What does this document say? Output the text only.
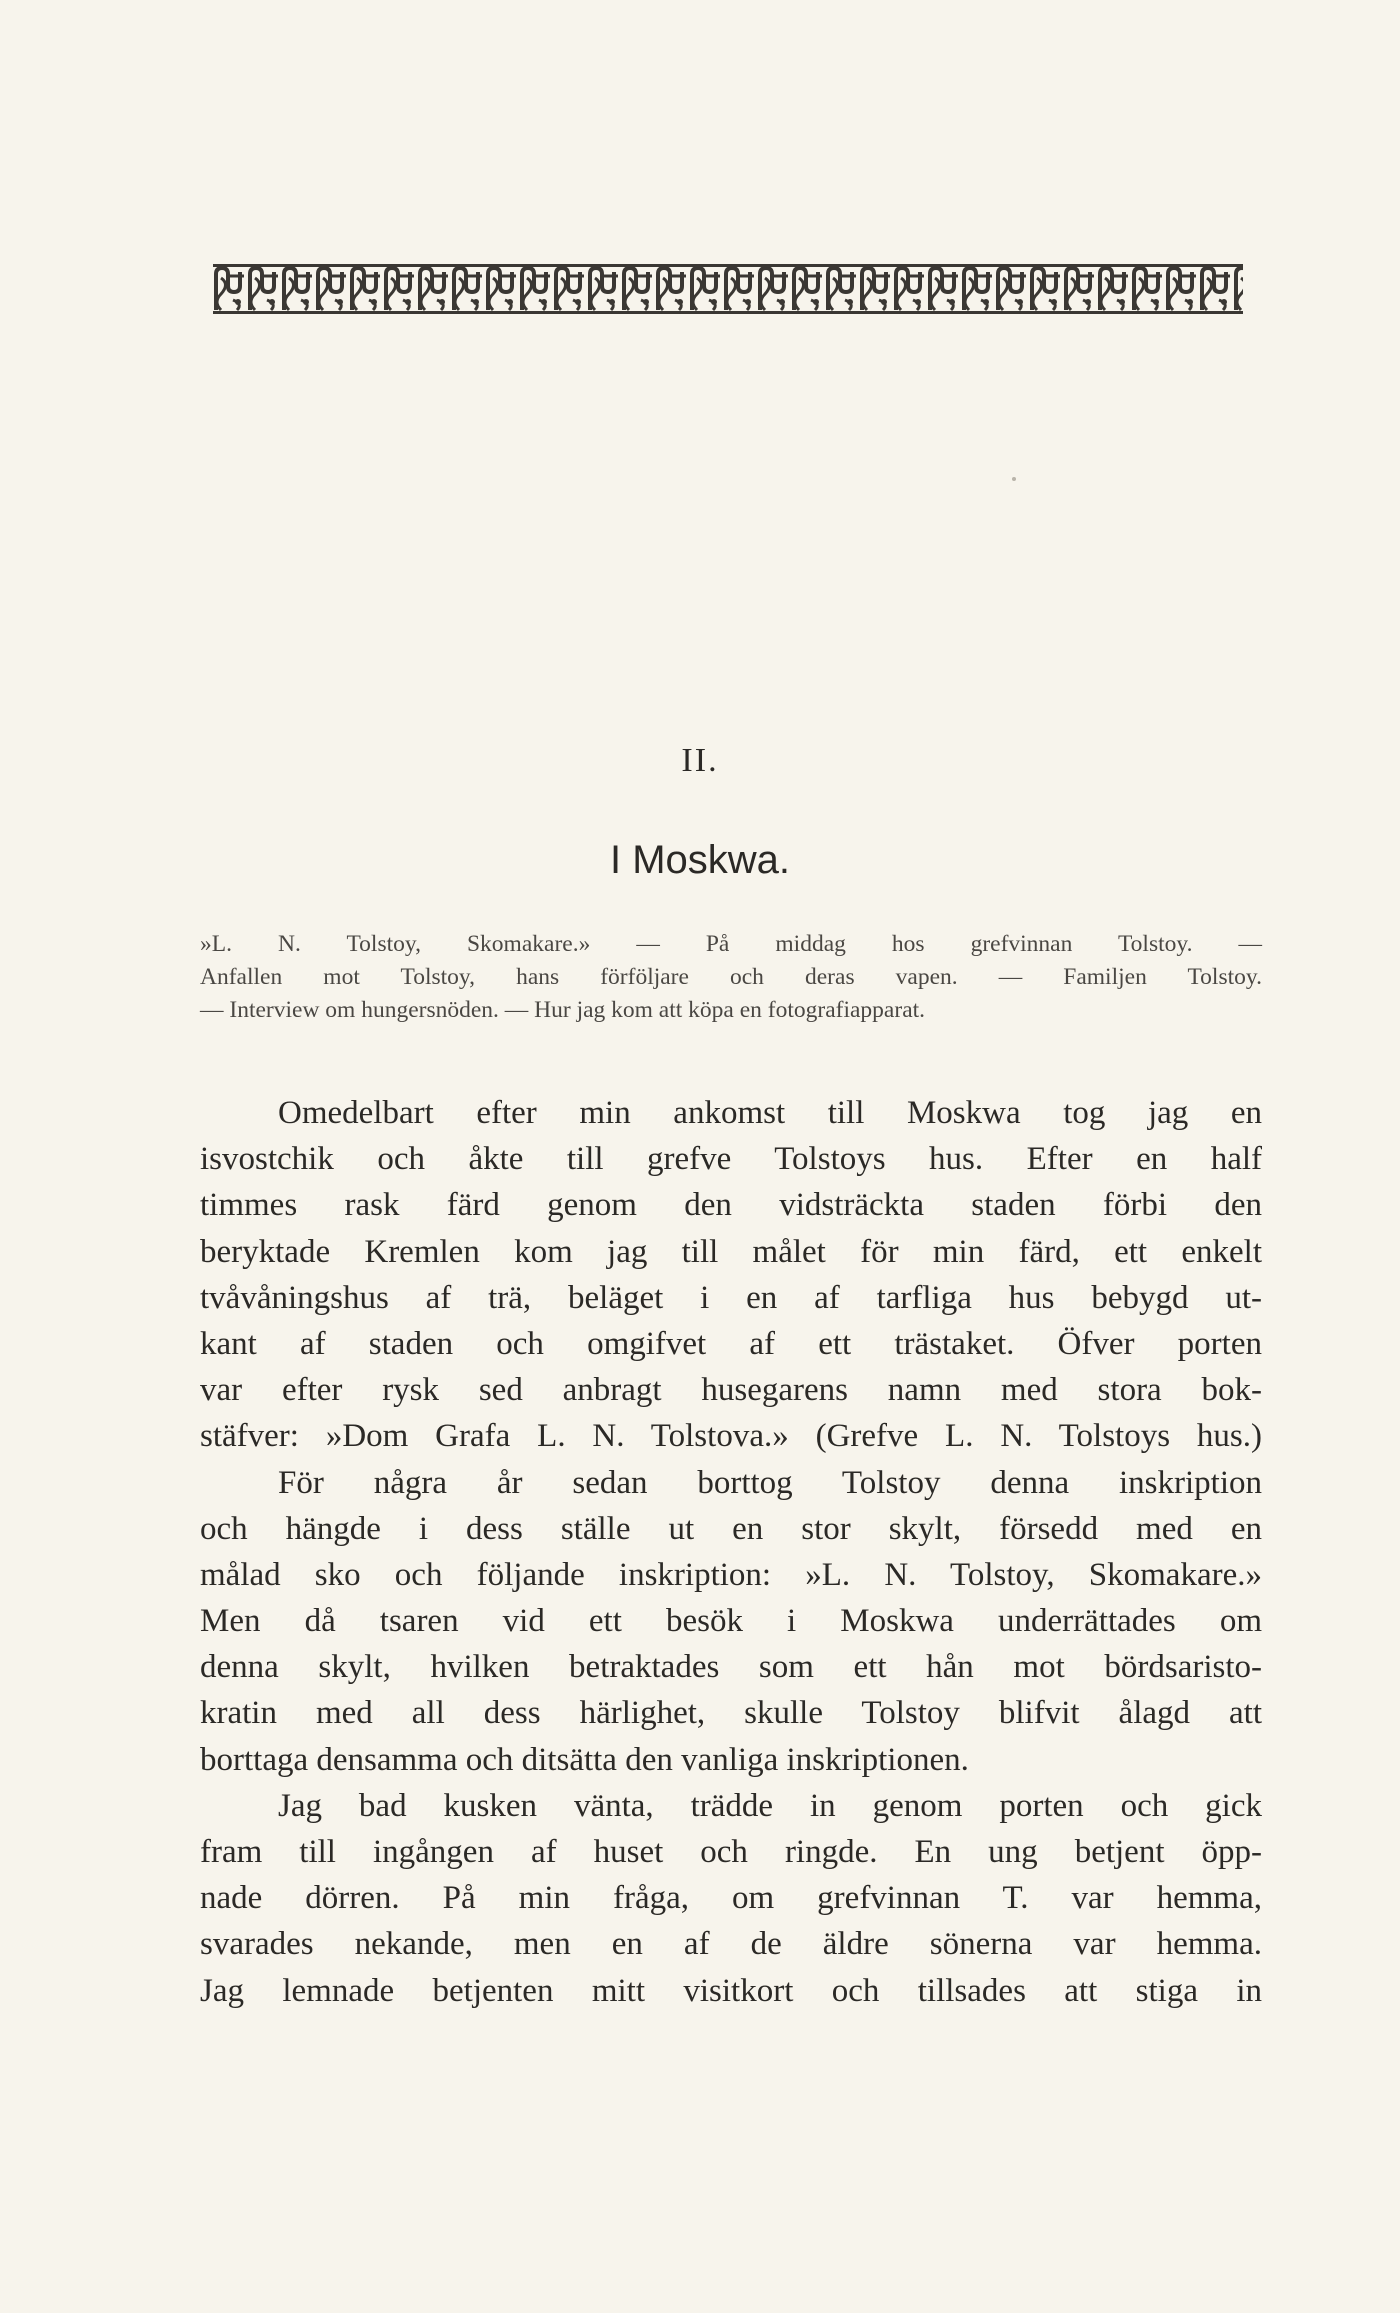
II.
I Moskwa.
»L. N. Tolstoy, Skomakare.» — På middag hos grefvinnan Tolstoy. —
Anfallen mot Tolstoy, hans förföljare och deras vapen. — Familjen Tolstoy.
— Interview om hungersnöden. — Hur jag kom att köpa en fotografiapparat.
Omedelbart efter min ankomst till Moskwa tog jag en
isvostchik och åkte till grefve Tolstoys hus. Efter en half
timmes rask färd genom den vidsträckta staden förbi den
beryktade Kremlen kom jag till målet för min färd, ett enkelt
tvåvåningshus af trä, beläget i en af tarfliga hus bebygd ut-
kant af staden och omgifvet af ett trästaket. Öfver porten
var efter rysk sed anbragt husegarens namn med stora bok-
stäfver: »Dom Grafa L. N. Tolstova.» (Grefve L. N. Tolstoys hus.)
För några år sedan borttog Tolstoy denna inskription
och hängde i dess ställe ut en stor skylt, försedd med en
målad sko och följande inskription: »L. N. Tolstoy, Skomakare.»
Men då tsaren vid ett besök i Moskwa underrättades om
denna skylt, hvilken betraktades som ett hån mot bördsaristo-
kratin med all dess härlighet, skulle Tolstoy blifvit ålagd att
borttaga densamma och ditsätta den vanliga inskriptionen.
Jag bad kusken vänta, trädde in genom porten och gick
fram till ingången af huset och ringde. En ung betjent öpp-
nade dörren. På min fråga, om grefvinnan T. var hemma,
svarades nekande, men en af de äldre sönerna var hemma.
Jag lemnade betjenten mitt visitkort och tillsades att stiga in
